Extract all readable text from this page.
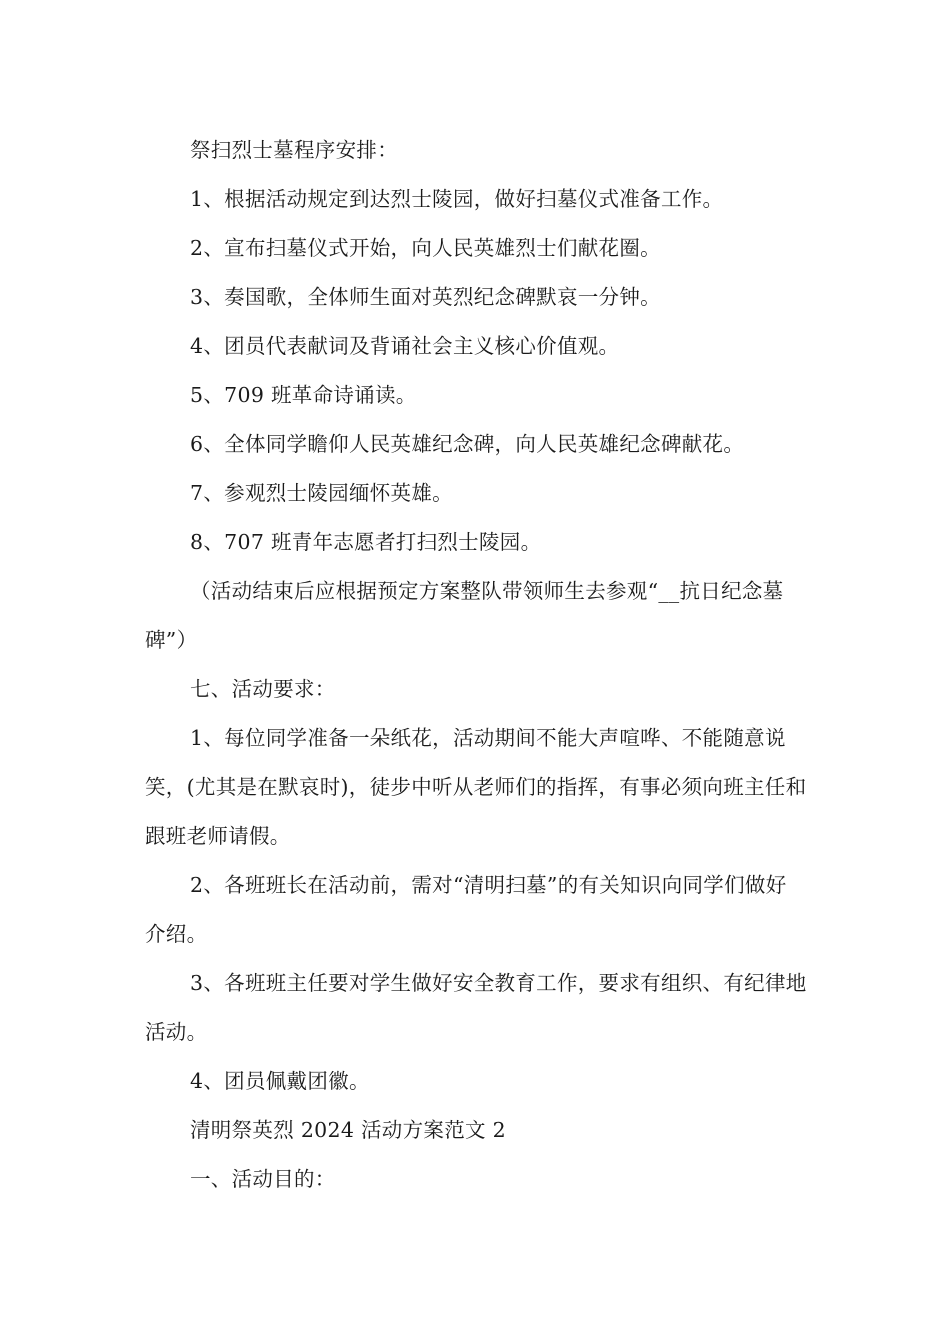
祭扫烈士墓程序安排：

1、根据活动规定到达烈士陵园，做好扫墓仪式准备工作。

2、宣布扫墓仪式开始，向人民英雄烈士们献花圈。

3、奏国歌，全体师生面对英烈纪念碑默哀一分钟。

4、团员代表献词及背诵社会主义核心价值观。

5、709 班革命诗诵读。

6、全体同学瞻仰人民英雄纪念碑，向人民英雄纪念碑献花。

7、参观烈士陵园缅怀英雄。

8、707 班青年志愿者打扫烈士陵园。

（活动结束后应根据预定方案整队带领师生去参观“__抗日纪念墓碑”）

七、活动要求：

1、每位同学准备一朵纸花，活动期间不能大声喧哗、不能随意说笑，(尤其是在默哀时)，徒步中听从老师们的指挥，有事必须向班主任和跟班老师请假。

2、各班班长在活动前，需对“清明扫墓”的有关知识向同学们做好介绍。

3、各班班主任要对学生做好安全教育工作，要求有组织、有纪律地活动。

4、团员佩戴团徽。

清明祭英烈 2024 活动方案范文 2

一、活动目的：
